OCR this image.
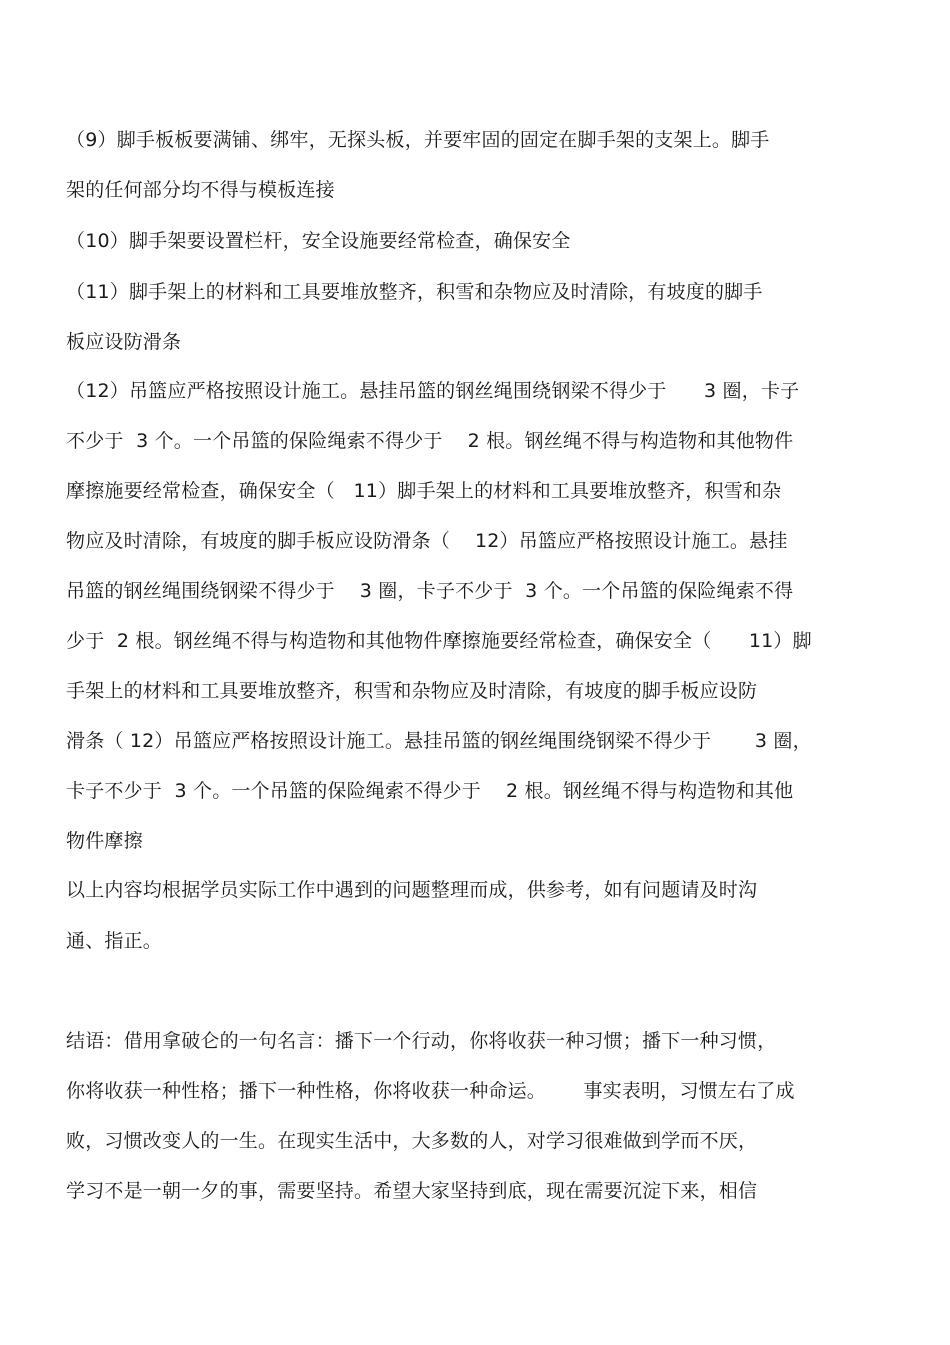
（9）脚手板板要满铺、绑牢，无探头板，并要牢固的固定在脚手架的支架上。脚手
架的任何部分均不得与模板连接
（10）脚手架要设置栏杆，安全设施要经常检查，确保安全
（11）脚手架上的材料和工具要堆放整齐，积雪和杂物应及时清除，有坡度的脚手
板应设防滑条
（12）吊篮应严格按照设计施工。悬挂吊篮的钢丝绳围绕钢梁不得少于      3 圈，卡子
不少于  3 个。一个吊篮的保险绳索不得少于    2 根。钢丝绳不得与构造物和其他物件
摩擦施要经常检查，确保安全（   11）脚手架上的材料和工具要堆放整齐，积雪和杂
物应及时清除，有坡度的脚手板应设防滑条（    12）吊篮应严格按照设计施工。悬挂
吊篮的钢丝绳围绕钢梁不得少于    3 圈，卡子不少于  3 个。一个吊篮的保险绳索不得
少于  2 根。钢丝绳不得与构造物和其他物件摩擦施要经常检查，确保安全（      11）脚
手架上的材料和工具要堆放整齐，积雪和杂物应及时清除，有坡度的脚手板应设防
滑条（ 12）吊篮应严格按照设计施工。悬挂吊篮的钢丝绳围绕钢梁不得少于       3 圈，
卡子不少于  3 个。一个吊篮的保险绳索不得少于    2 根。钢丝绳不得与构造物和其他
物件摩擦
以上内容均根据学员实际工作中遇到的问题整理而成，供参考，如有问题请及时沟
通、指正。
结语：借用拿破仑的一句名言：播下一个行动，你将收获一种习惯；播下一种习惯，
你将收获一种性格；播下一种性格，你将收获一种命运。      事实表明，习惯左右了成
败，习惯改变人的一生。在现实生活中，大多数的人，对学习很难做到学而不厌，
学习不是一朝一夕的事，需要坚持。希望大家坚持到底，现在需要沉淀下来，相信
